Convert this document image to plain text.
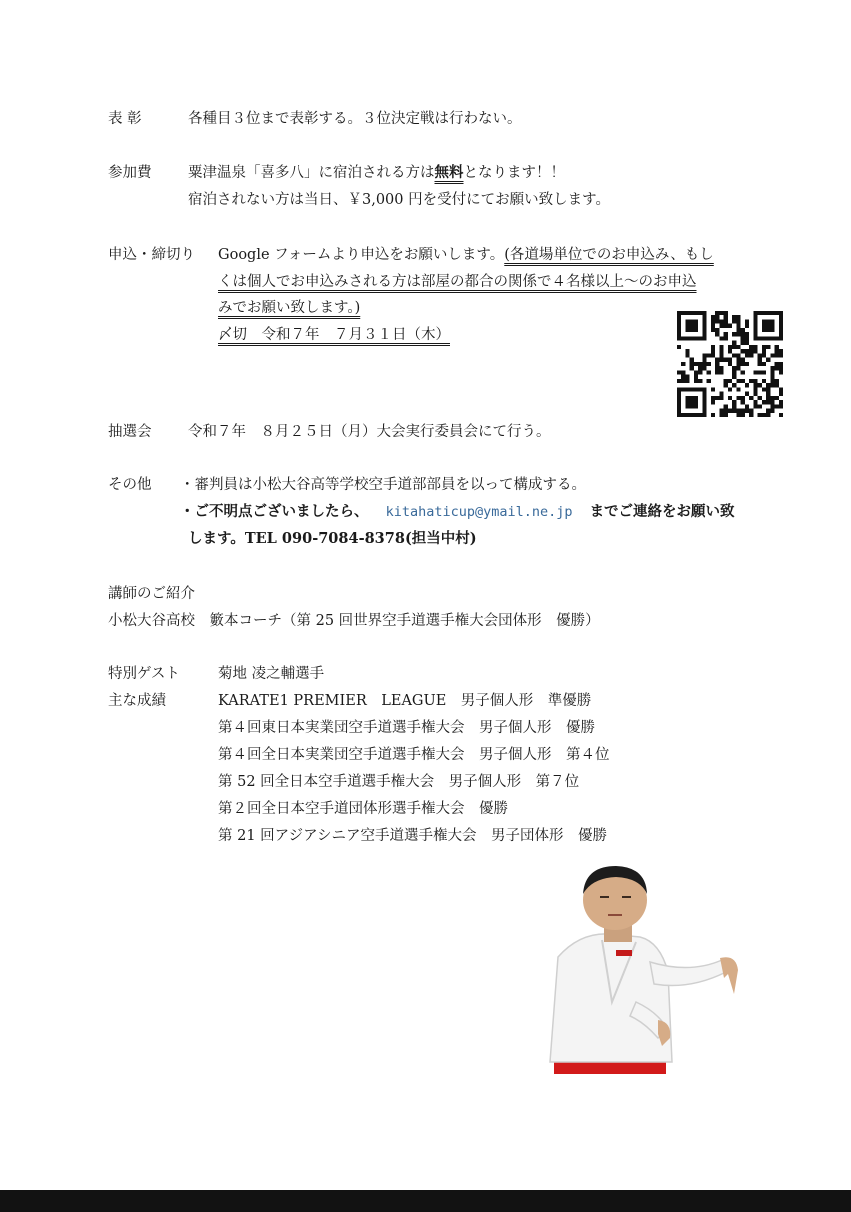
表 彰	各種目３位まで表彰する。３位決定戦は行わない。
参加費	粟津温泉「喜多八」に宿泊される方は無料となります！！
宿泊されない方は当日、￥3,000 円を受付にてお願い致します。
申込・締切り Google フォームより申込をお願いします。(各道場単位でのお申込み、もし
くは個人でお申込みされる方は部屋の都合の関係で４名様以上～のお申込
みでお願い致します。)
〆切　令和７年　７月３１日（木）
抽選会	令和７年　８月２５日（月）大会実行委員会にて行う。
その他 ・審判員は小松大谷高等学校空手道部部員を以って構成する。
・ご不明点ございましたら、 kitahaticup@ymail.ne.jp までご連絡をお願い致
します。TEL 090-7084-8378(担当中村)
講師のご紹介
小松大谷高校　籔本コーチ（第 25 回世界空手道選手権大会団体形　優勝）
特別ゲスト	菊地 凌之輔選手
主な成績	KARATE1 PREMIER　LEAGUE　男子個人形　準優勝
第４回東日本実業団空手道選手権大会　男子個人形　優勝
第４回全日本実業団空手道選手権大会　男子個人形　第４位
第 52 回全日本空手道選手権大会　男子個人形　第７位
第２回全日本空手道団体形選手権大会　優勝
第 21 回アジアシニア空手道選手権大会　男子団体形　優勝
